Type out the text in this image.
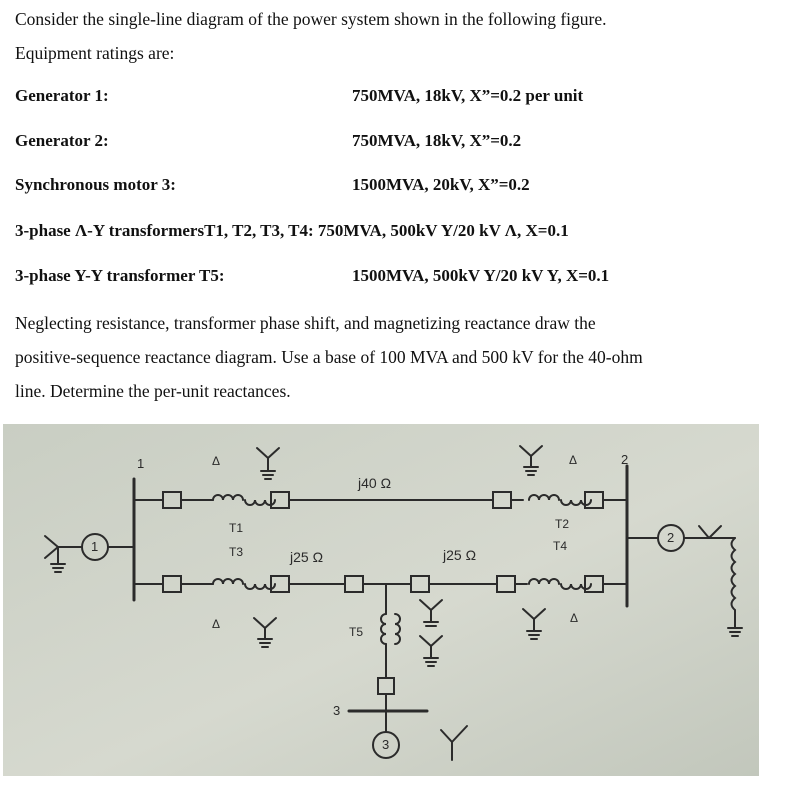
Consider the single-line diagram of the power system shown in the following figure.
Equipment ratings are:
Generator 1:	750MVA, 18kV, X”=0.2 per unit
Generator 2:	750MVA, 18kV, X”=0.2
Synchronous motor 3:	1500MVA, 20kV, X”=0.2
3-phase Λ-Y transformersT1, T2, T3, T4: 750MVA, 500kV Y/20 kV Λ, X=0.1
3-phase Y-Y transformer T5:	1500MVA, 500kV Y/20 kV Y, X=0.1
Neglecting resistance, transformer phase shift, and magnetizing reactance draw the
positive-sequence reactance diagram. Use a base of 100 MVA and 500 kV for the 40-ohm
line. Determine the per-unit reactances.
1	2
3
1
2
3
j40 Ω
j25 Ω	j25 Ω
T1	T2
T3	T4
T5
Δ	Δ
Δ	Δ
